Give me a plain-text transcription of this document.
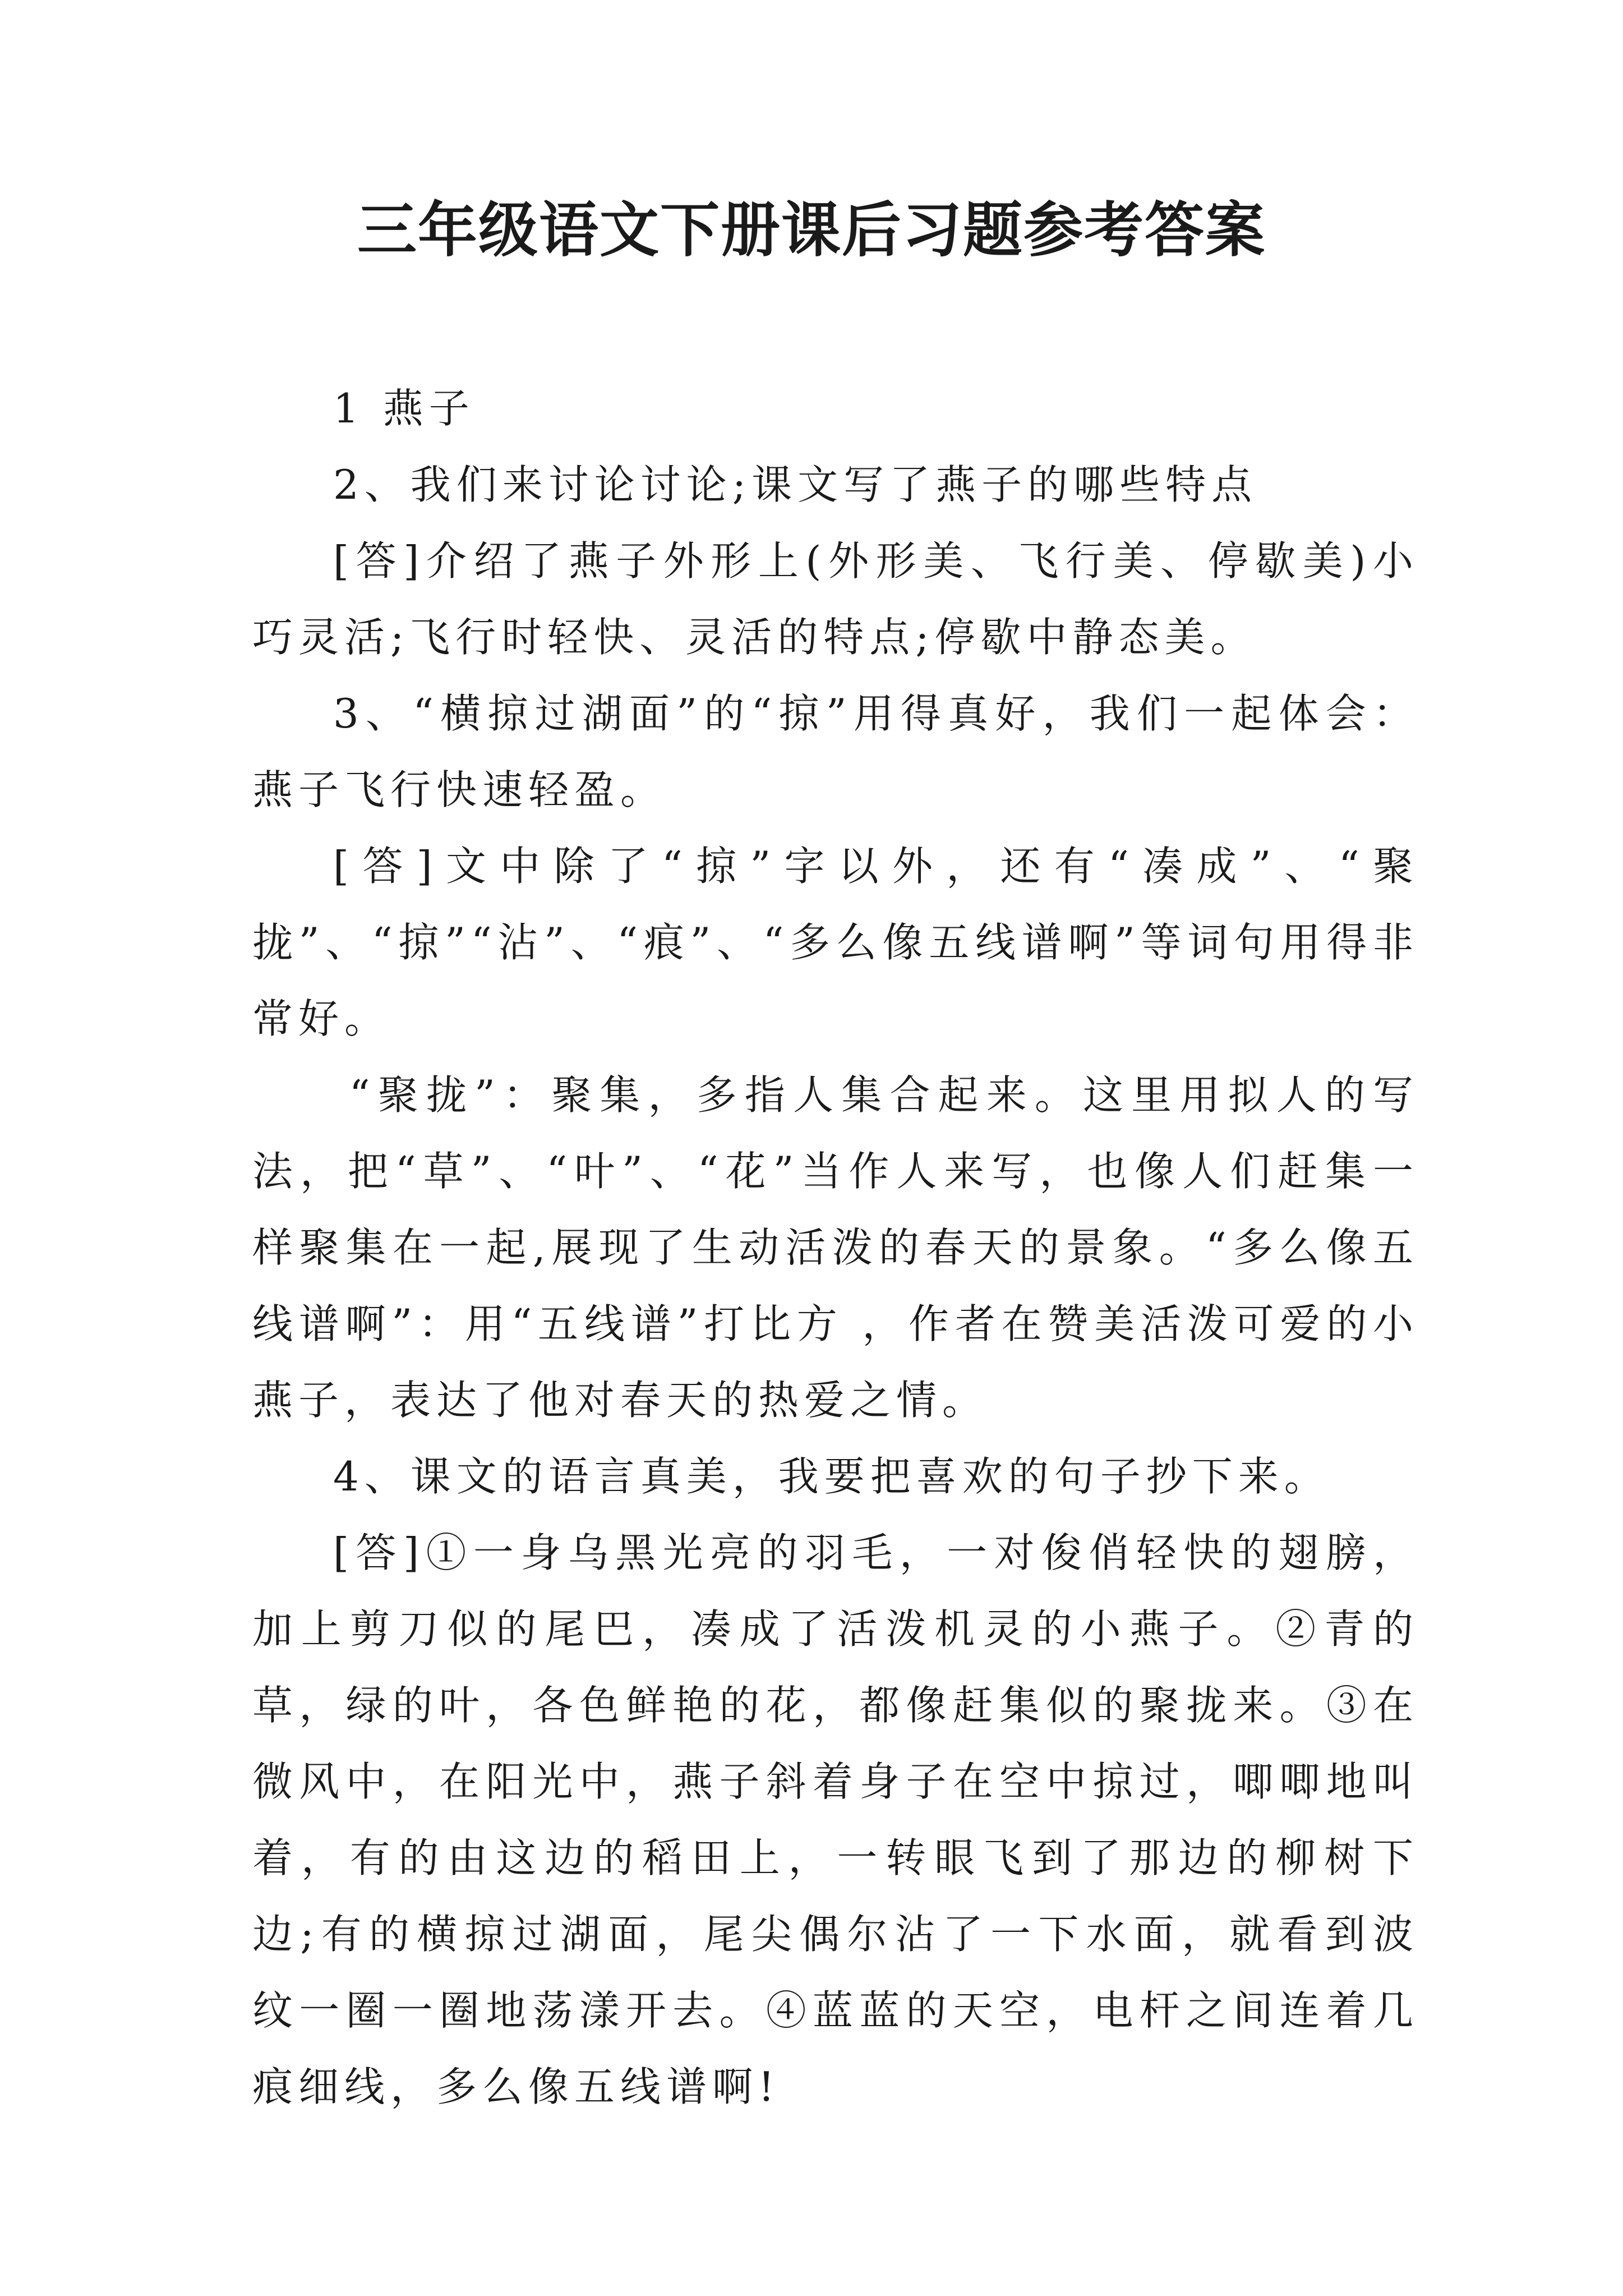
三年级语文下册课后习题参考答案

1 燕子

2、我们来讨论讨论;课文写了燕子的哪些特点

[答]介绍了燕子外形上(外形美、飞行美、停歇美)小巧灵活;飞行时轻快、灵活的特点;停歇中静态美。

3、“横掠过湖面”的“掠”用得真好，我们一起体会：燕子飞行快速轻盈。

[答]文中除了“掠”字以外，还有“凑成”、“聚拢”、“掠”“沾”、“痕”、“多么像五线谱啊”等词句用得非常好。

“聚拢”：聚集，多指人集合起来。这里用拟人的写法，把“草”、“叶”、“花”当作人来写，也像人们赶集一样聚集在一起,展现了生动活泼的春天的景象。“多么像五线谱啊”：用“五线谱”打比方 ，作者在赞美活泼可爱的小燕子，表达了他对春天的热爱之情。

4、课文的语言真美，我要把喜欢的句子抄下来。

[答]①一身乌黑光亮的羽毛，一对俊俏轻快的翅膀，加上剪刀似的尾巴，凑成了活泼机灵的小燕子。②青的草，绿的叶，各色鲜艳的花，都像赶集似的聚拢来。③在微风中，在阳光中，燕子斜着身子在空中掠过，唧唧地叫着，有的由这边的稻田上，一转眼飞到了那边的柳树下边;有的横掠过湖面，尾尖偶尔沾了一下水面，就看到波纹一圈一圈地荡漾开去。④蓝蓝的天空，电杆之间连着几痕细线，多么像五线谱啊!
